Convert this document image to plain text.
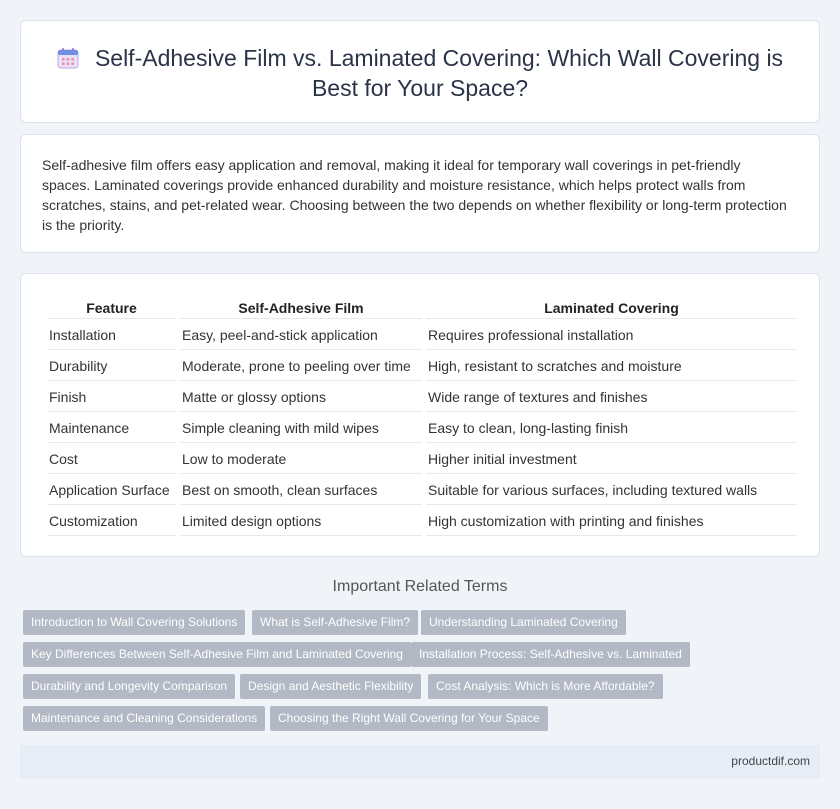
Self-Adhesive Film vs. Laminated Covering: Which Wall Covering is Best for Your Space?

Self-adhesive film offers easy application and removal, making it ideal for temporary wall coverings in pet-friendly spaces. Laminated coverings provide enhanced durability and moisture resistance, which helps protect walls from scratches, stains, and pet-related wear. Choosing between the two depends on whether flexibility or long-term protection is the priority.

Feature	Self-Adhesive Film	Laminated Covering
Installation	Easy, peel-and-stick application	Requires professional installation
Durability	Moderate, prone to peeling over time	High, resistant to scratches and moisture
Finish	Matte or glossy options	Wide range of textures and finishes
Maintenance	Simple cleaning with mild wipes	Easy to clean, long-lasting finish
Cost	Low to moderate	Higher initial investment
Application Surface	Best on smooth, clean surfaces	Suitable for various surfaces, including textured walls
Customization	Limited design options	High customization with printing and finishes
Important Related Terms
Introduction to Wall Covering Solutions	What is Self-Adhesive Film?	Understanding Laminated Covering
Key Differences Between Self-Adhesive Film and Laminated Covering	Installation Process: Self-Adhesive vs. Laminated
Durability and Longevity Comparison	Design and Aesthetic Flexibility	Cost Analysis: Which is More Affordable?
Maintenance and Cleaning Considerations	Choosing the Right Wall Covering for Your Space
productdif.com
